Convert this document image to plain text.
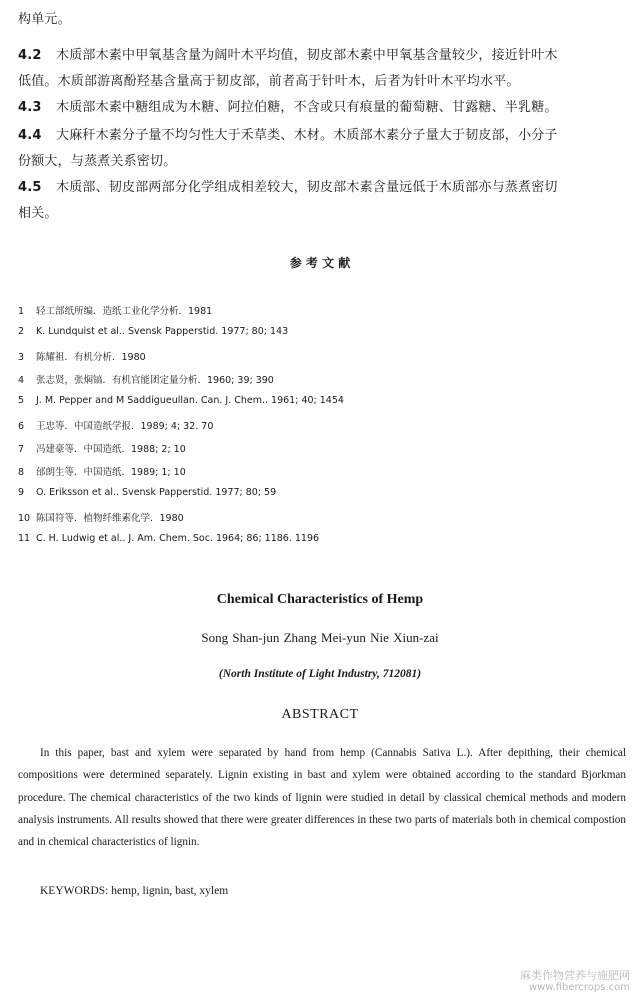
构单元。
4.2 木质部木素中甲氧基含量为阔叶木平均值，韧皮部木素中甲氧基含量较少，接近针叶木
低值。木质部游离酚羟基含量高于韧皮部，前者高于针叶木，后者为针叶木平均水平。
4.3 木质部木素中糖组成为木糖、阿拉伯糖，不含或只有痕量的葡萄糖、甘露糖、半乳糖。
4.4 大麻秆木素分子量不均匀性大于禾草类、木材。木质部木素分子量大于韧皮部，小分子
份额大，与蒸煮关系密切。
4.5 木质部、韧皮部两部分化学组成相差较大，韧皮部木素含量远低于木质部亦与蒸煮密切
相关。
参 考 文 献
1 轻工部纸所编．造纸工业化学分析．1981
2 K. Lundquist et al.. Svensk Papperstid. 1977; 80; 143
3 陈耀祖．有机分析．1980
4 张志贤，张焖镐．有机官能团定量分析．1960; 39; 390
5 J. M. Pepper and M Saddigueullan. Can. J. Chem.. 1961; 40; 1454
6 王忠等．中国造纸学报．1989; 4; 32. 70
7 冯建豪等．中国造纸．1988; 2; 10
8 邰朗生等．中国造纸．1989; 1; 10
9 O. Eriksson et al.. Svensk Papperstid. 1977; 80; 59
10 陈国符等．植物纤维素化学．1980
11 C. H. Ludwig et al.. J. Am. Chem. Soc. 1964; 86; 1186. 1196
Chemical Characteristics of Hemp
Song Shan-jun Zhang Mei-yun Nie Xiun-zai
(North Institute of Light Industry, 712081)
ABSTRACT

In this paper, bast and xylem were separated by hand from hemp (Cannabis Sativa L.). After depithing, their chemical compositions were determined separately. Lignin existing in bast and xylem were obtained according to the standard Bjorkman procedure. The chemical characteristics of the two kinds of lignin were studied in detail by classical chemical methods and modern analysis instruments. All results showed that there were greater differences in these two parts of materials both in chemical compostion and in chemical characteristics of lignin.

KEYWORDS: hemp, lignin, bast, xylem
麻类作物营养与施肥网
www.fibercrops.com
